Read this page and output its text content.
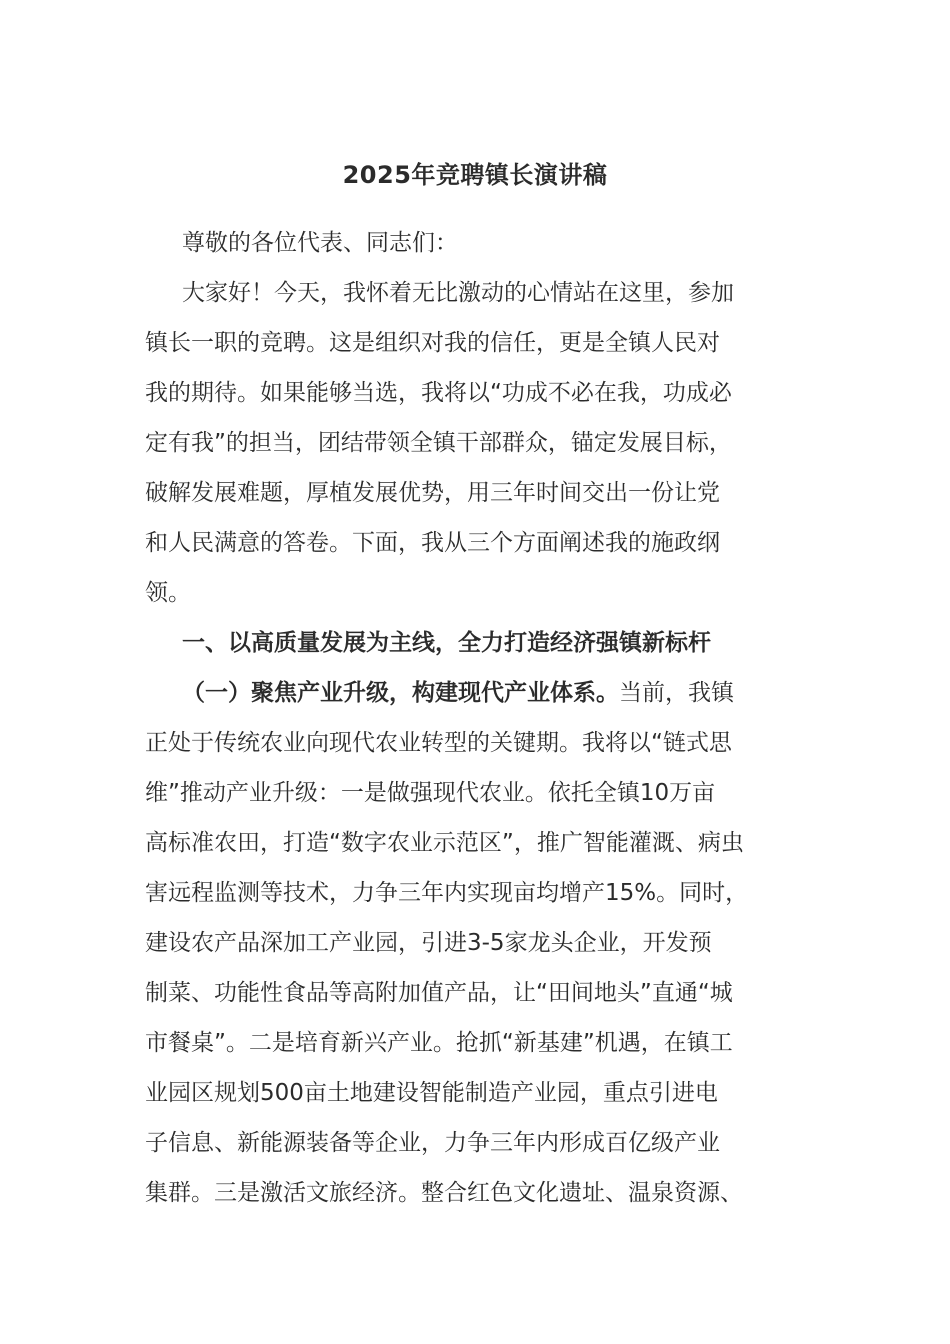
2025年竞聘镇长演讲稿
尊敬的各位代表、同志们：
大家好！今天，我怀着无比激动的心情站在这里，参加
镇长一职的竞聘。这是组织对我的信任，更是全镇人民对
我的期待。如果能够当选，我将以“功成不必在我，功成必
定有我”的担当，团结带领全镇干部群众，锚定发展目标，
破解发展难题，厚植发展优势，用三年时间交出一份让党
和人民满意的答卷。下面，我从三个方面阐述我的施政纲
领。
一、以高质量发展为主线，全力打造经济强镇新标杆
（一）聚焦产业升级，构建现代产业体系。当前，我镇
正处于传统农业向现代农业转型的关键期。我将以“链式思
维”推动产业升级：一是做强现代农业。依托全镇10万亩
高标准农田，打造“数字农业示范区”，推广智能灌溉、病虫
害远程监测等技术，力争三年内实现亩均增产15%。同时，
建设农产品深加工产业园，引进3-5家龙头企业，开发预
制菜、功能性食品等高附加值产品，让“田间地头”直通“城
市餐桌”。二是培育新兴产业。抢抓“新基建”机遇，在镇工
业园区规划500亩土地建设智能制造产业园，重点引进电
子信息、新能源装备等企业，力争三年内形成百亿级产业
集群。三是激活文旅经济。整合红色文化遗址、温泉资源、
